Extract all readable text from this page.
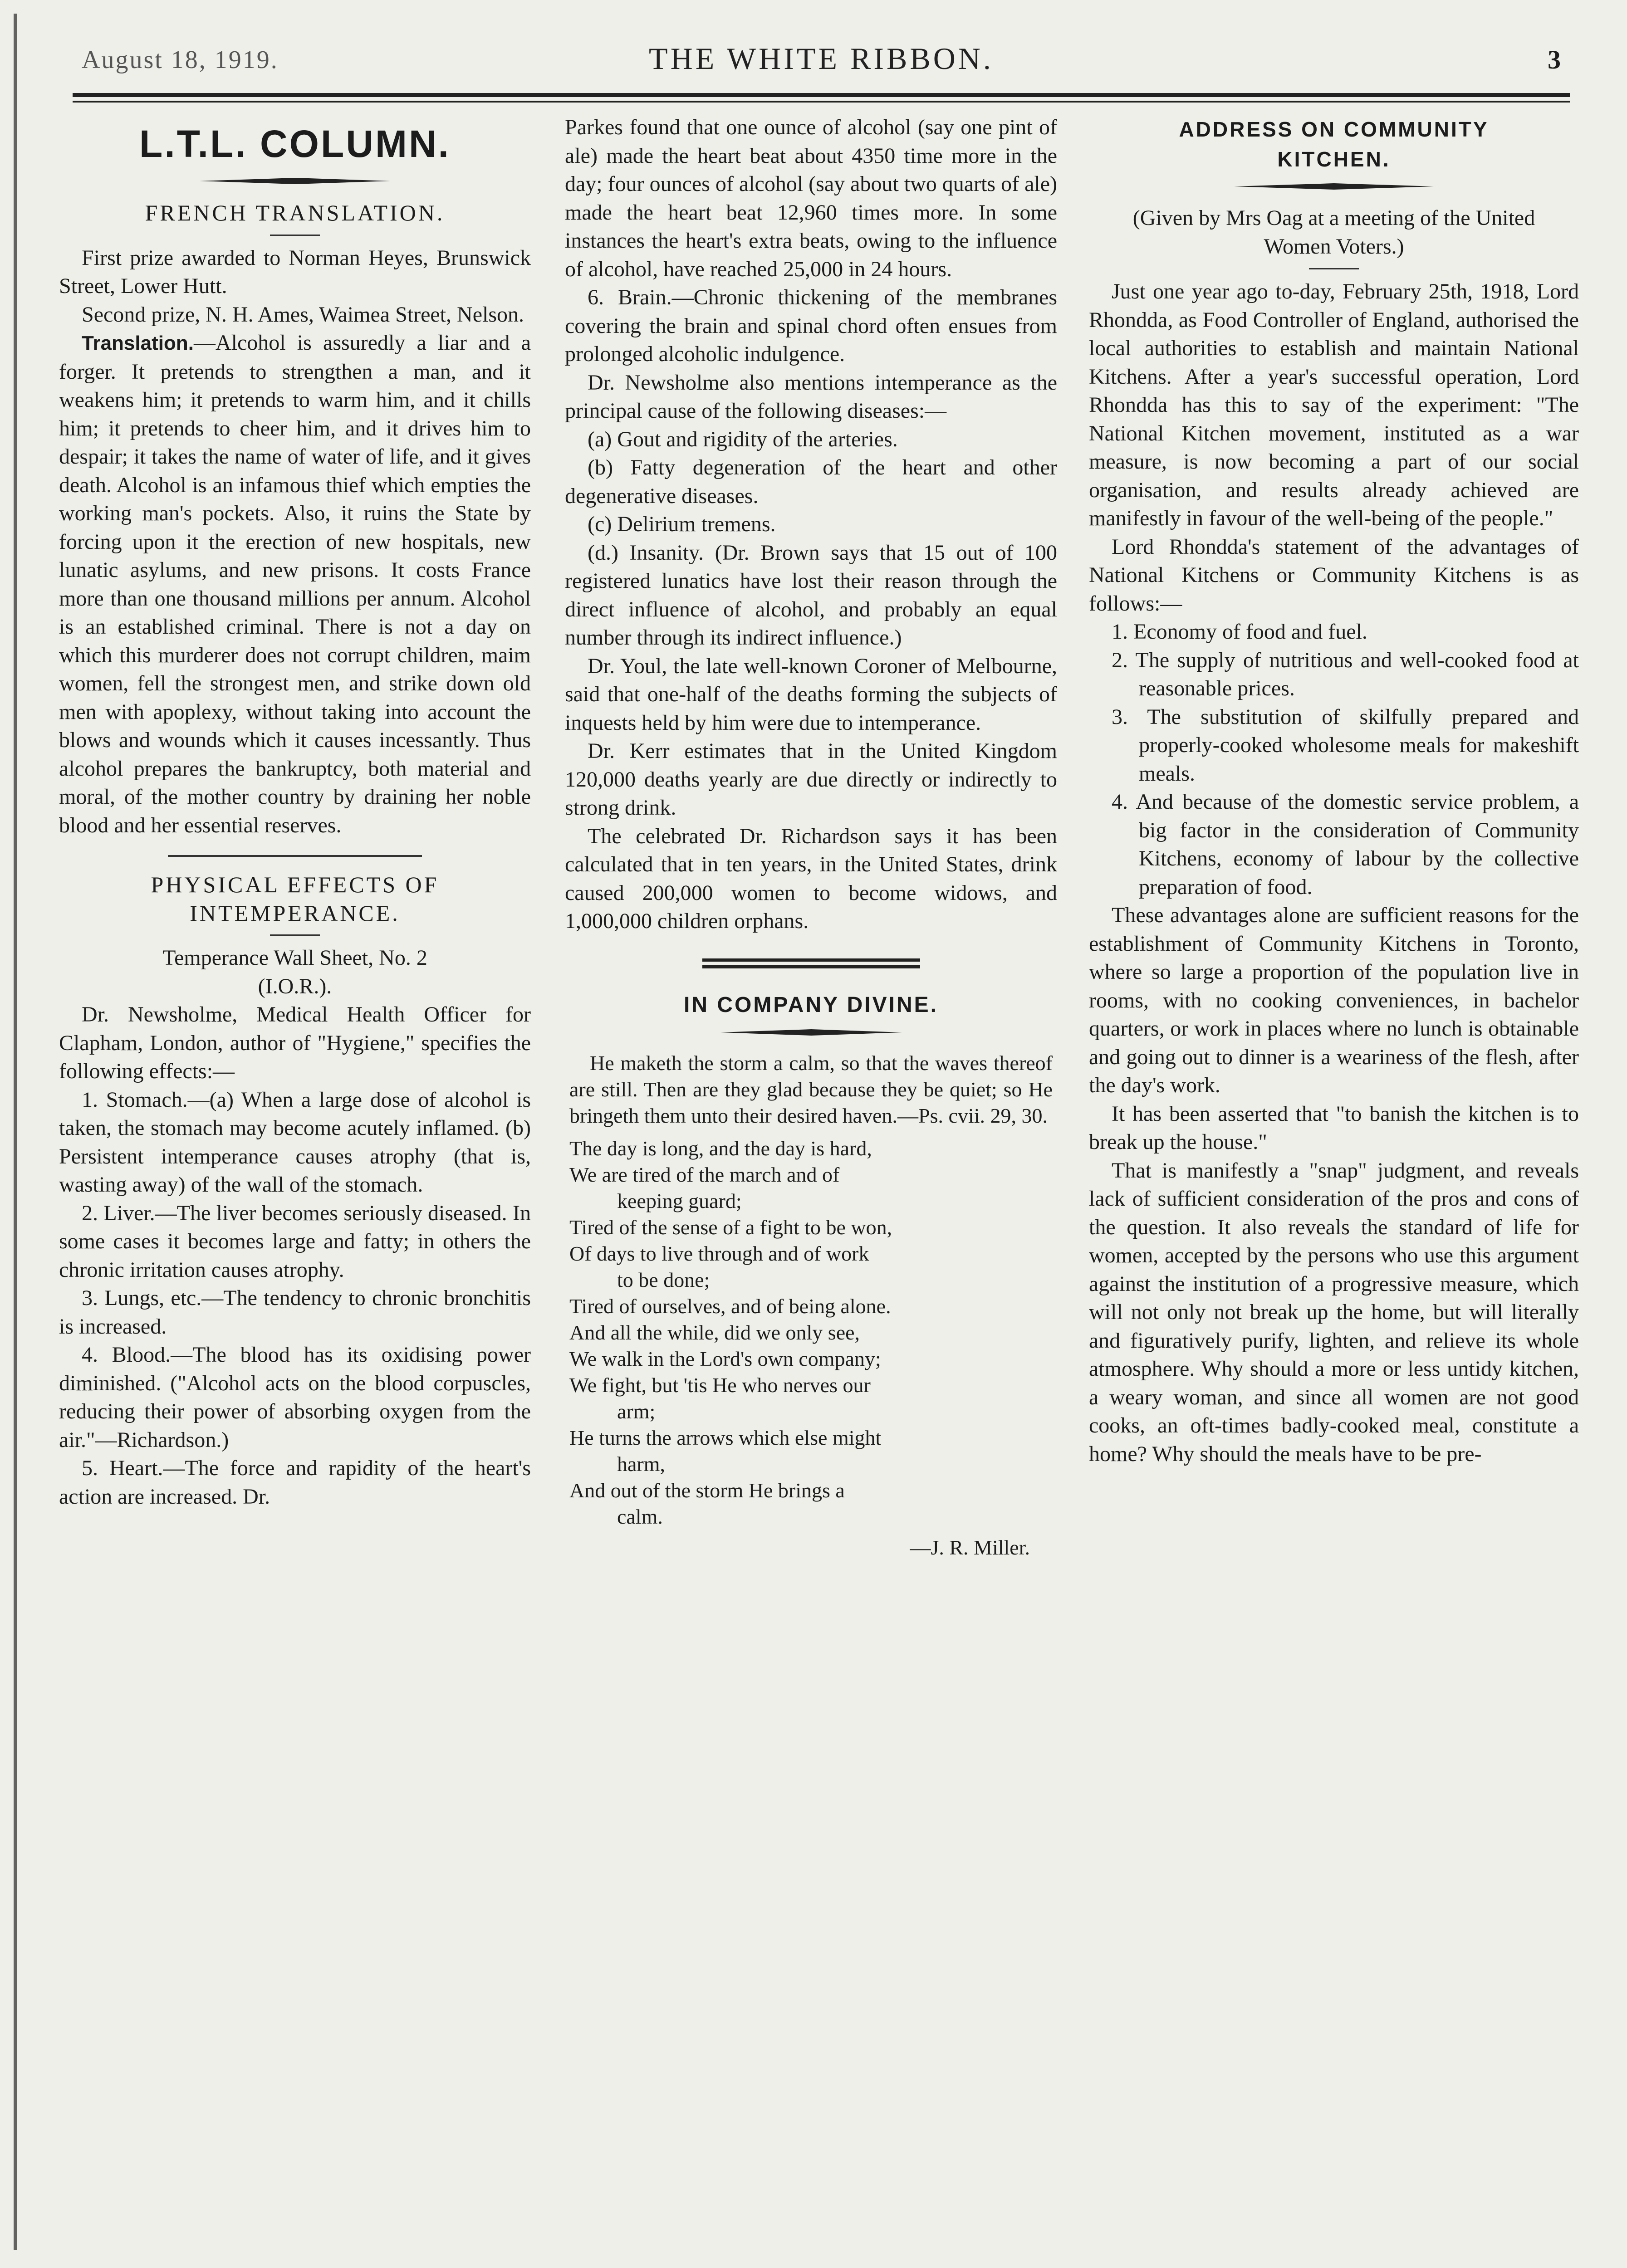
August 18, 1919.	THE WHITE RIBBON.	3
L.T.L. COLUMN.

FRENCH TRANSLATION.

First prize awarded to Norman Heyes, Brunswick Street, Lower Hutt.

Second prize, N. H. Ames, Waimea Street, Nelson.

Translation.—Alcohol is assuredly a liar and a forger. It pretends to strengthen a man, and it weakens him; it pretends to warm him, and it chills him; it pretends to cheer him, and it drives him to despair; it takes the name of water of life, and it gives death. Alcohol is an infamous thief which empties the working man's pockets. Also, it ruins the State by forcing upon it the erection of new hospitals, new lunatic asylums, and new prisons. It costs France more than one thousand millions per annum. Alcohol is an established criminal. There is not a day on which this murderer does not corrupt children, maim women, fell the strongest men, and strike down old men with apoplexy, without taking into account the blows and wounds which it causes incessantly. Thus alcohol prepares the bankruptcy, both material and moral, of the mother country by draining her noble blood and her essential reserves.

PHYSICAL EFFECTS OF INTEMPERANCE.

Temperance Wall Sheet, No. 2

(I.O.R.).

Dr. Newsholme, Medical Health Officer for Clapham, London, author of "Hygiene," specifies the following effects:—

1. Stomach.—(a) When a large dose of alcohol is taken, the stomach may become acutely inflamed. (b) Persistent intemperance causes atrophy (that is, wasting away) of the wall of the stomach.

2. Liver.—The liver becomes seriously diseased. In some cases it becomes large and fatty; in others the chronic irritation causes atrophy.

3. Lungs, etc.—The tendency to chronic bronchitis is increased.

4. Blood.—The blood has its oxidising power diminished. ("Alcohol acts on the blood corpuscles, reducing their power of absorbing oxygen from the air."—Richardson.)

5. Heart.—The force and rapidity of the heart's action are increased. Dr.

Parkes found that one ounce of alcohol (say one pint of ale) made the heart beat about 4350 time more in the day; four ounces of alcohol (say about two quarts of ale) made the heart beat 12,960 times more. In some instances the heart's extra beats, owing to the influence of alcohol, have reached 25,000 in 24 hours.

6. Brain.—Chronic thickening of the membranes covering the brain and spinal chord often ensues from prolonged alcoholic indulgence.

Dr. Newsholme also mentions intemperance as the principal cause of the following diseases:—

(a) Gout and rigidity of the arteries.

(b) Fatty degeneration of the heart and other degenerative diseases.

(c) Delirium tremens.

(d.) Insanity. (Dr. Brown says that 15 out of 100 registered lunatics have lost their reason through the direct influence of alcohol, and probably an equal number through its indirect influence.)

Dr. Youl, the late well-known Coroner of Melbourne, said that one-half of the deaths forming the subjects of inquests held by him were due to intemperance.

Dr. Kerr estimates that in the United Kingdom 120,000 deaths yearly are due directly or indirectly to strong drink.

The celebrated Dr. Richardson says it has been calculated that in ten years, in the United States, drink caused 200,000 women to become widows, and 1,000,000 children orphans.

IN COMPANY DIVINE.

He maketh the storm a calm, so that the waves thereof are still. Then are they glad because they be quiet; so He bringeth them unto their desired haven.—Ps. cvii. 29, 30.

The day is long, and the day is hard,

We are tired of the march and of

keeping guard;

Tired of the sense of a fight to be won,

Of days to live through and of work

to be done;

Tired of ourselves, and of being alone.

And all the while, did we only see,

We walk in the Lord's own company;

We fight, but 'tis He who nerves our

arm;

He turns the arrows which else might

harm,

And out of the storm He brings a

calm.

—J. R. Miller.

ADDRESS ON COMMUNITY
KITCHEN.

(Given by Mrs Oag at a meeting of the United Women Voters.)

Just one year ago to-day, February 25th, 1918, Lord Rhondda, as Food Controller of England, authorised the local authorities to establish and maintain National Kitchens. After a year's successful operation, Lord Rhondda has this to say of the experiment: "The National Kitchen movement, instituted as a war measure, is now becoming a part of our social organisation, and results already achieved are manifestly in favour of the well-being of the people."

Lord Rhondda's statement of the advantages of National Kitchens or Community Kitchens is as follows:—

1. Economy of food and fuel.

2. The supply of nutritious and well-cooked food at reasonable prices.

3. The substitution of skilfully prepared and properly-cooked wholesome meals for makeshift meals.

4. And because of the domestic service problem, a big factor in the consideration of Community Kitchens, economy of labour by the collective preparation of food.

These advantages alone are sufficient reasons for the establishment of Community Kitchens in Toronto, where so large a proportion of the population live in rooms, with no cooking conveniences, in bachelor quarters, or work in places where no lunch is obtainable and going out to dinner is a weariness of the flesh, after the day's work.

It has been asserted that "to banish the kitchen is to break up the house."

That is manifestly a "snap" judgment, and reveals lack of sufficient consideration of the pros and cons of the question. It also reveals the standard of life for women, accepted by the persons who use this argument against the institution of a progressive measure, which will not only not break up the home, but will literally and figuratively purify, lighten, and relieve its whole atmosphere. Why should a more or less untidy kitchen, a weary woman, and since all women are not good cooks, an oft-times badly-cooked meal, constitute a home? Why should the meals have to be pre-
